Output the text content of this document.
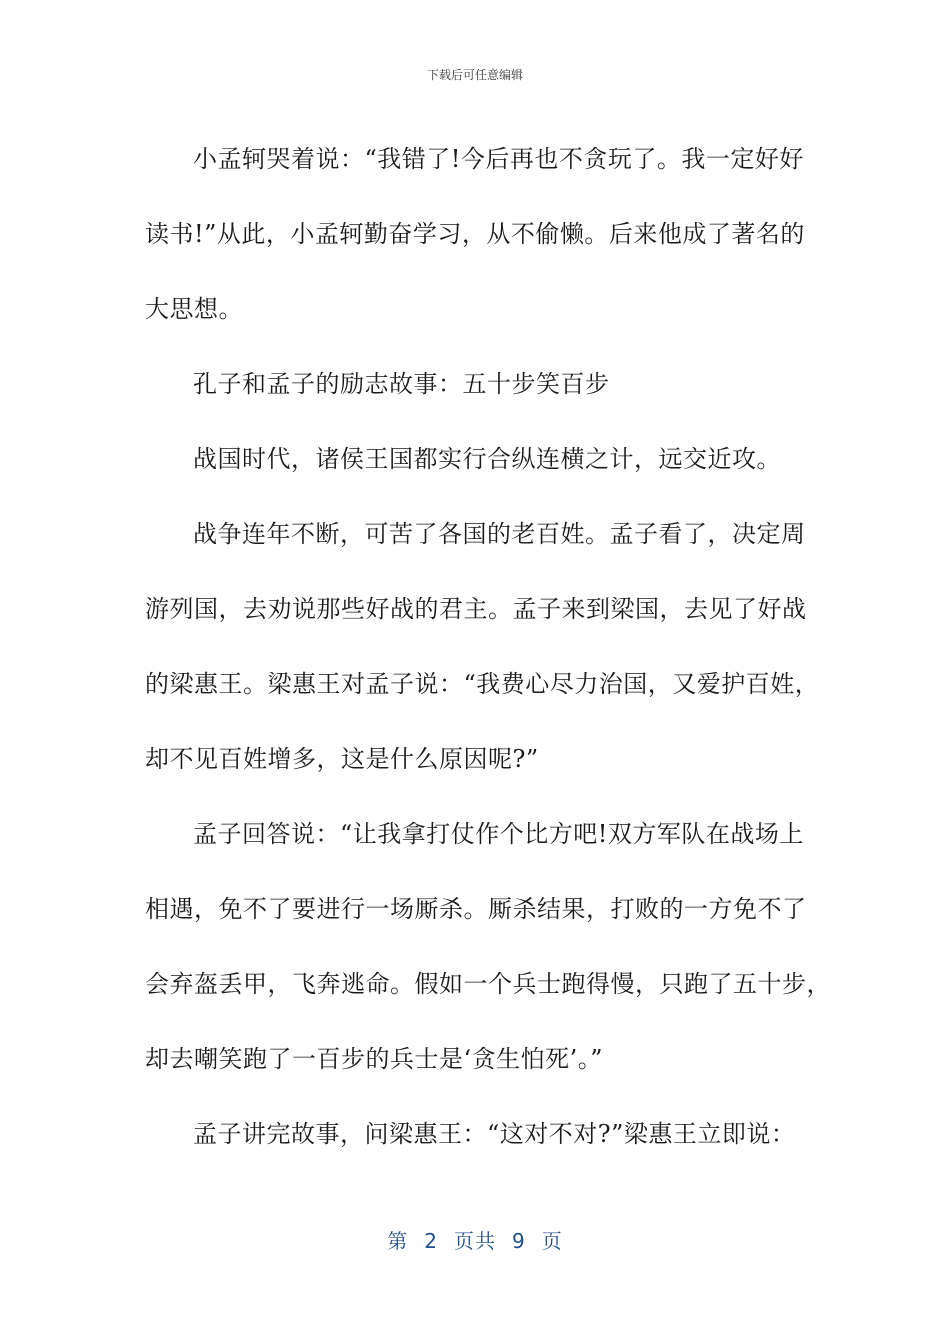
下载后可任意编辑
小孟轲哭着说：“我错了!今后再也不贪玩了。我一定好好
读书!”从此，小孟轲勤奋学习，从不偷懒。后来他成了著名的
大思想。
孔子和孟子的励志故事：五十步笑百步
战国时代，诸侯王国都实行合纵连横之计，远交近攻。
战争连年不断，可苦了各国的老百姓。孟子看了，决定周
游列国，去劝说那些好战的君主。孟子来到梁国，去见了好战
的梁惠王。梁惠王对孟子说：“我费心尽力治国，又爱护百姓，
却不见百姓增多，这是什么原因呢?”
孟子回答说：“让我拿打仗作个比方吧!双方军队在战场上
相遇，免不了要进行一场厮杀。厮杀结果，打败的一方免不了
会弃盔丢甲，飞奔逃命。假如一个兵士跑得慢，只跑了五十步，
却去嘲笑跑了一百步的兵士是‘贪生怕死’。”
孟子讲完故事，问梁惠王：“这对不对?”梁惠王立即说：
第 2 页共 9 页
